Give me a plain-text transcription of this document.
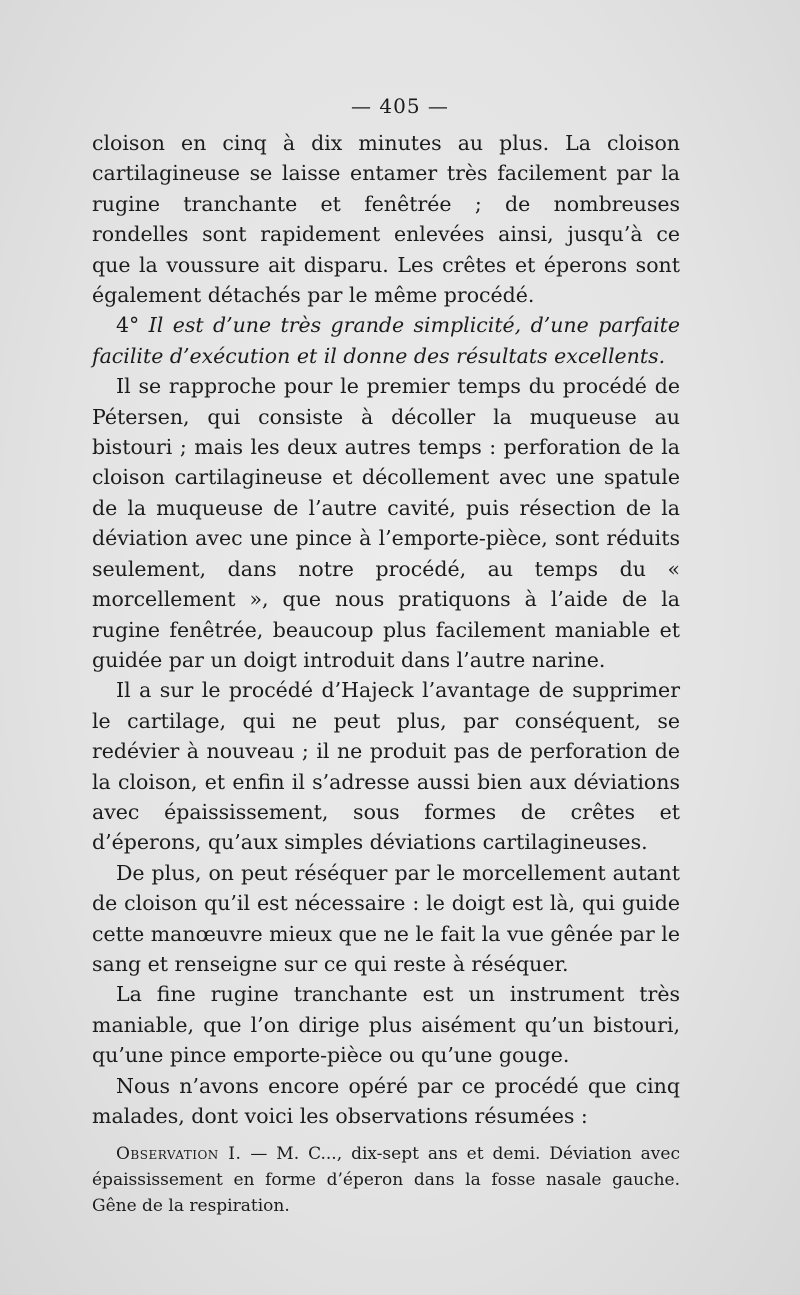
— 405 —

cloison en cinq à dix minutes au plus. La cloison cartilagineuse se laisse entamer très facilement par la rugine tranchante et fenêtrée ; de nombreuses rondelles sont rapidement enlevées ainsi, jusqu’à ce que la voussure ait disparu. Les crêtes et éperons sont également détachés par le même procédé.

4° Il est d’une très grande simplicité, d’une parfaite facilite d’exécution et il donne des résultats excellents.

Il se rapproche pour le premier temps du procédé de Pétersen, qui consiste à décoller la muqueuse au bistouri ; mais les deux autres temps : perforation de la cloison cartilagineuse et décollement avec une spatule de la muqueuse de l’autre cavité, puis résection de la déviation avec une pince à l’emporte-pièce, sont réduits seulement, dans notre procédé, au temps du « morcellement », que nous pratiquons à l’aide de la rugine fenêtrée, beaucoup plus facilement maniable et guidée par un doigt introduit dans l’autre narine.

Il a sur le procédé d’Hajeck l’avantage de supprimer le cartilage, qui ne peut plus, par conséquent, se redévier à nouveau ; il ne produit pas de perforation de la cloison, et enfin il s’adresse aussi bien aux déviations avec épaississement, sous formes de crêtes et d’éperons, qu’aux simples déviations cartilagineuses.

De plus, on peut réséquer par le morcellement autant de cloison qu’il est nécessaire : le doigt est là, qui guide cette manœuvre mieux que ne le fait la vue gênée par le sang et renseigne sur ce qui reste à réséquer.

La fine rugine tranchante est un instrument très maniable, que l’on dirige plus aisément qu’un bistouri, qu’une pince emporte-pièce ou qu’une gouge.

Nous n’avons encore opéré par ce procédé que cinq malades, dont voici les observations résumées :

Observation I. — M. C..., dix-sept ans et demi. Déviation avec épaississement en forme d’éperon dans la fosse nasale gauche. Gêne de la respiration.
